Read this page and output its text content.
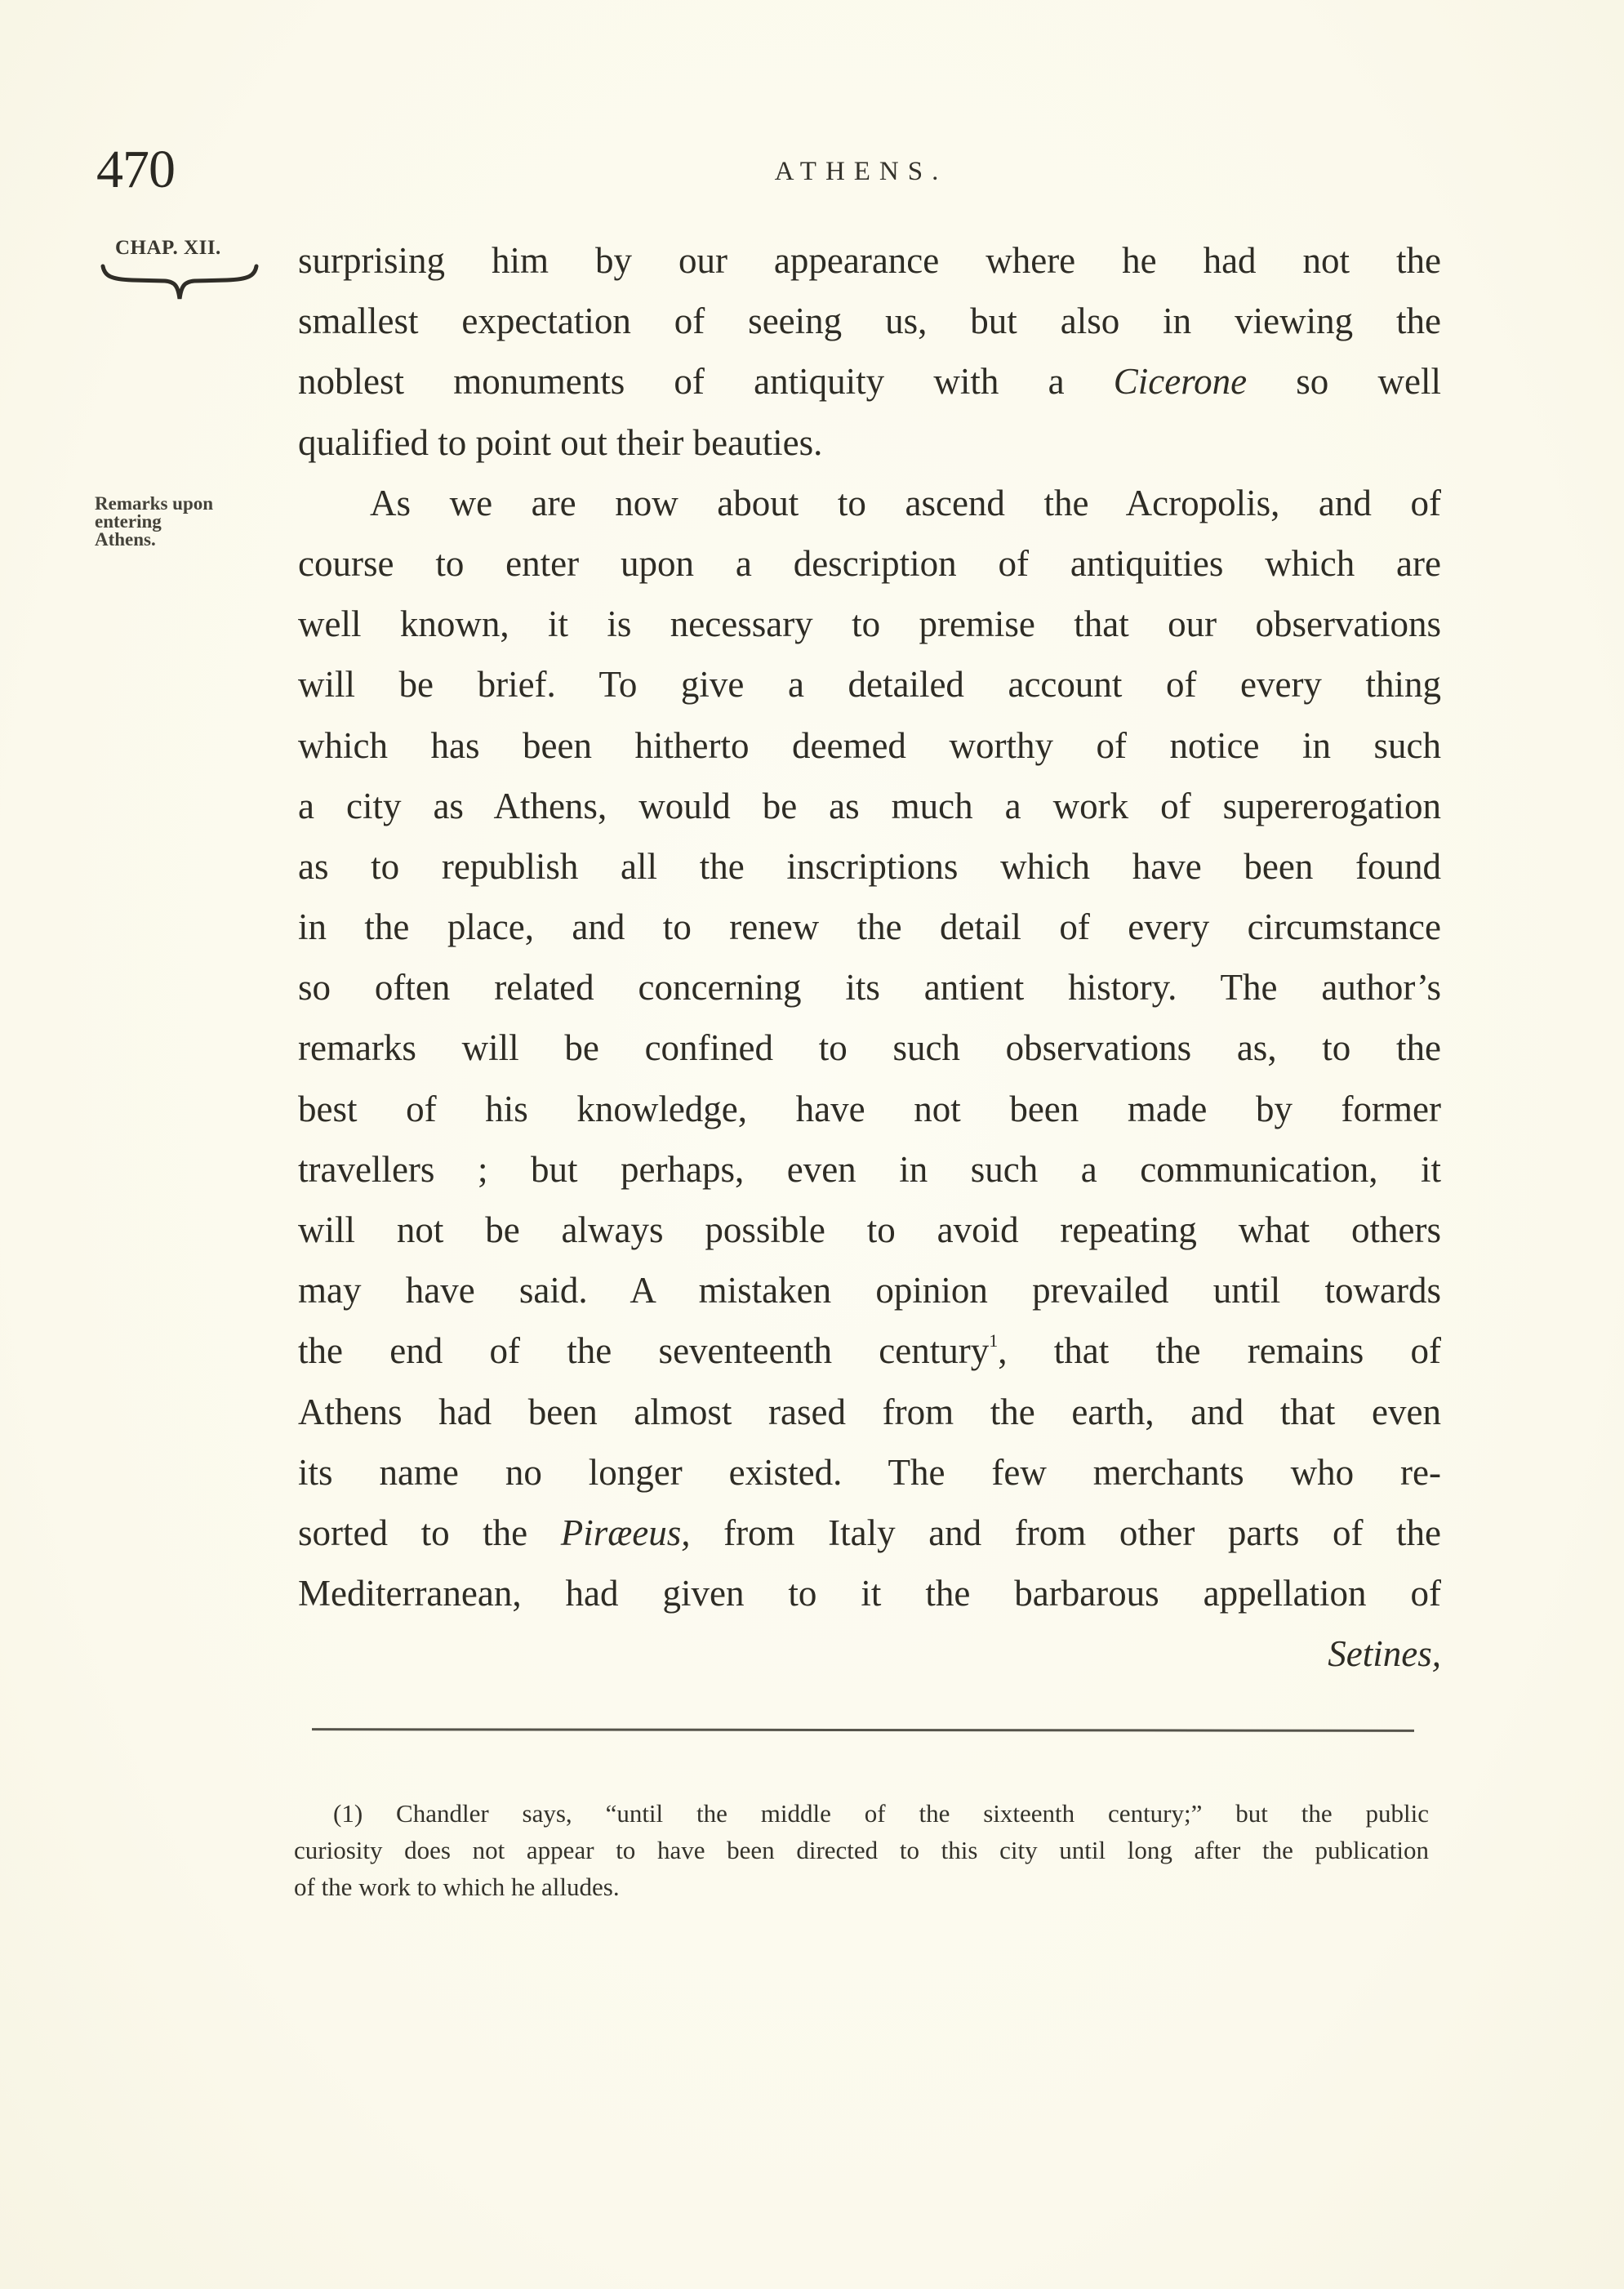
470	ATHENS.
CHAP. XII.
Remarks upon
entering
Athens.
surprising him by our appearance where he had not the
smallest expectation of seeing us, but also in viewing the
noblest monuments of antiquity with a Cicerone so well
qualified to point out their beauties.
As we are now about to ascend the Acropolis, and of
course to enter upon a description of antiquities which are
well known, it is necessary to premise that our observations
will be brief. To give a detailed account of every thing
which has been hitherto deemed worthy of notice in such
a city as Athens, would be as much a work of supererogation
as to republish all the inscriptions which have been found
in the place, and to renew the detail of every circumstance
so often related concerning its antient history. The author’s
remarks will be confined to such observations as, to the
best of his knowledge, have not been made by former
travellers ; but perhaps, even in such a communication, it
will not be always possible to avoid repeating what others
may have said. A mistaken opinion prevailed until towards
the end of the seventeenth century$^1$, that the remains of
Athens had been almost rased from the earth, and that even
its name no longer existed. The few merchants who re-
sorted to the Piræeus, from Italy and from other parts of the
Mediterranean, had given to it the barbarous appellation of
Setines,
(1) Chandler says, “until the middle of the sixteenth century;” but the public
curiosity does not appear to have been directed to this city until long after the publication
of the work to which he alludes.
